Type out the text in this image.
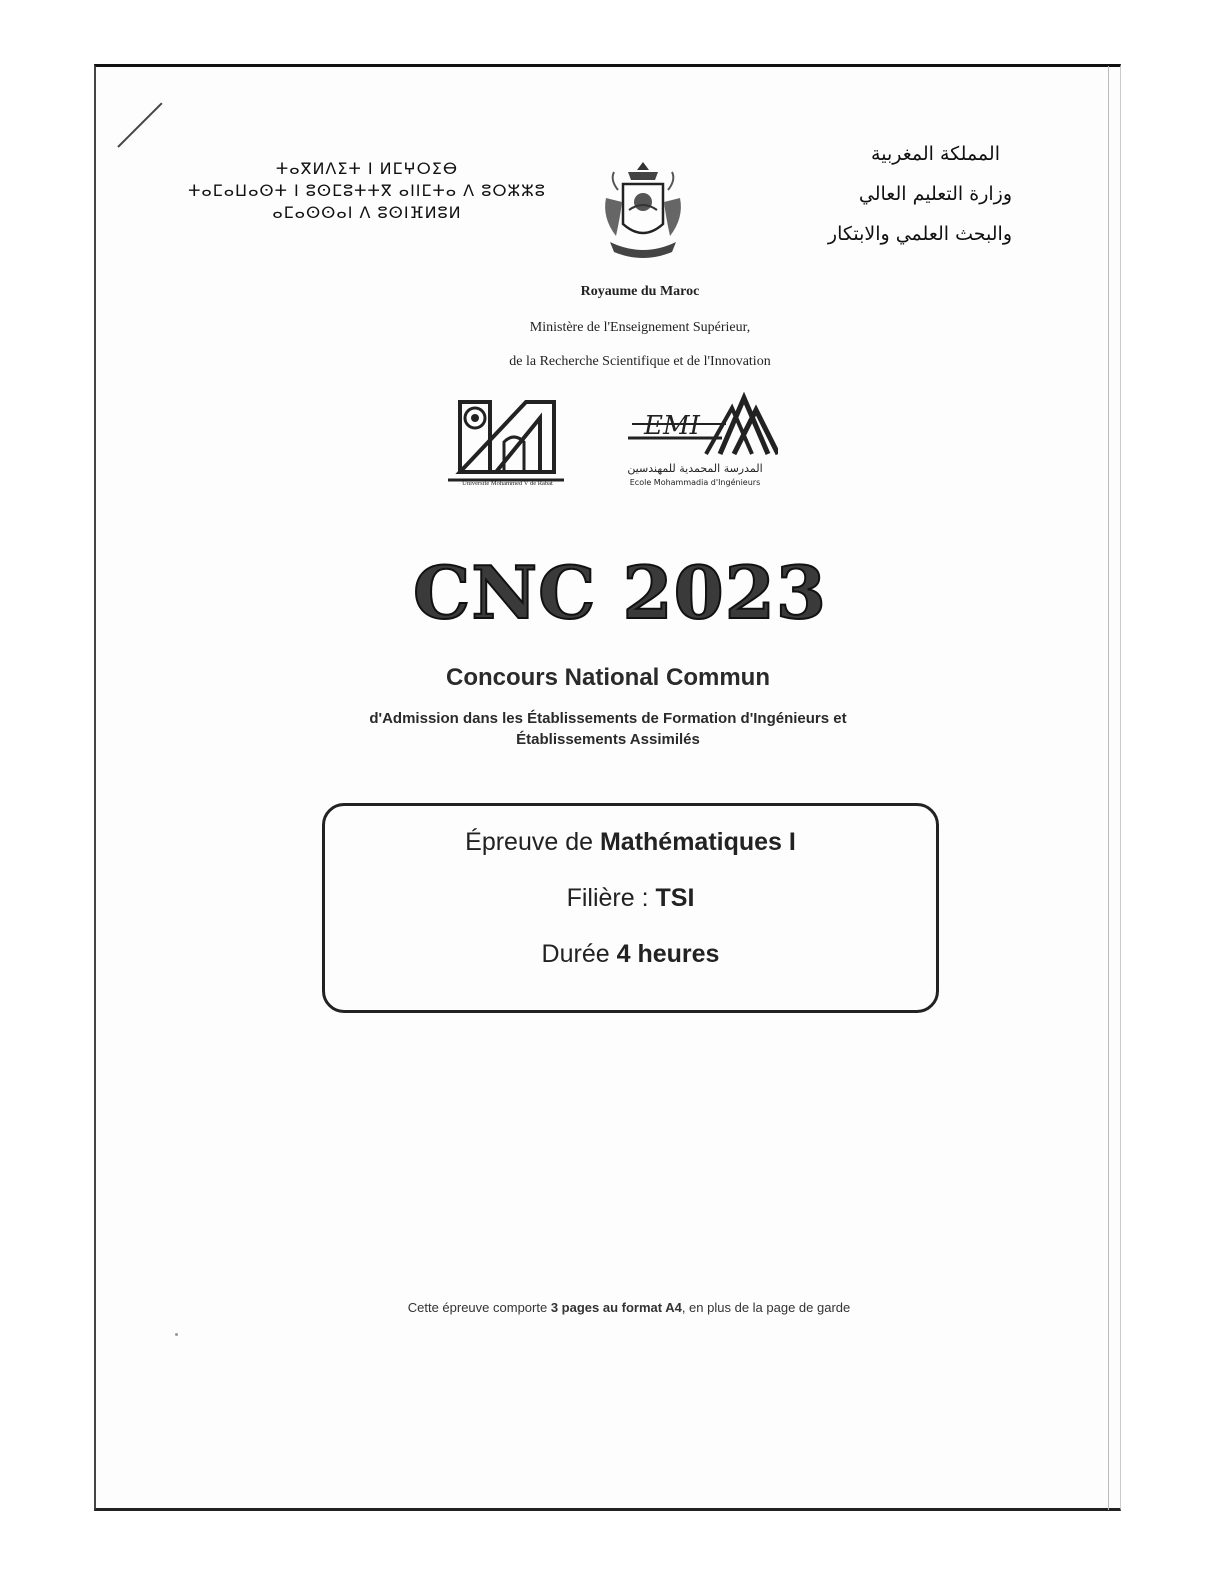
ⵜⴰⴳⵍⴷⵉⵜ ⵏ ⵍⵎⵖⵔⵉⴱ
ⵜⴰⵎⴰⵡⴰⵙⵜ ⵏ ⵓⵙⵎⵓⵜⵜⴳ ⴰⵏⵏⵎⵜⴰ ⴷ ⵓⵔⵣⵣⵓ
ⴰⵎⴰⵙⵙⴰⵏ ⴷ ⵓⵙⵏⴼⵍⵓⵍ
المملكة المغربية
وزارة التعليم العالي
والبحث العلمي والابتكار
Royaume du Maroc
Ministère de l'Enseignement Supérieur,
de la Recherche Scientifique et de l'Innovation
Université Mohammed V de Rabat
EMI
المدرسة المحمدية للمهندسين
Ecole Mohammadia d'Ingénieurs
CNC 2023
Concours National Commun
d'Admission dans les Établissements de Formation d'Ingénieurs et
Établissements Assimilés
Épreuve de Mathématiques I
Filière : TSI
Durée 4 heures
Cette épreuve comporte 3 pages au format A4, en plus de la page de garde
